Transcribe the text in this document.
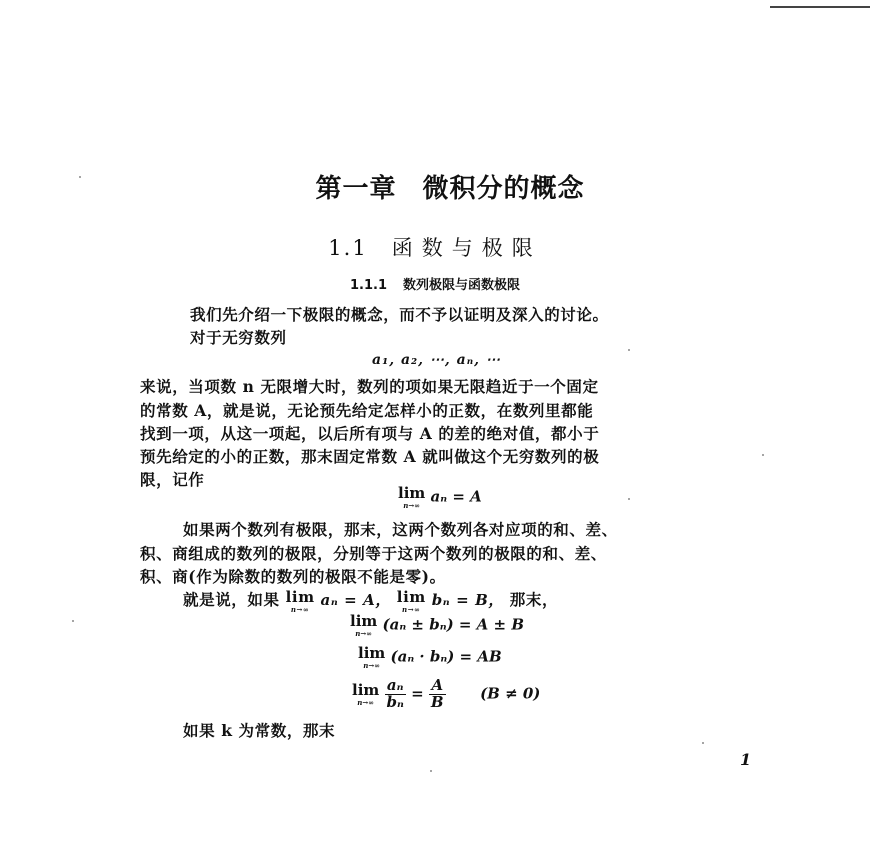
第一章 微积分的概念
1.1 函数与极限
1.1.1 数列极限与函数极限
我们先介绍一下极限的概念，而不予以证明及深入的讨论。
对于无穷数列
a₁, a₂, ⋯, aₙ, ⋯
来说，当项数 n 无限增大时，数列的项如果无限趋近于一个固定
的常数 A，就是说，无论预先给定怎样小的正数，在数列里都能
找到一项，从这一项起，以后所有项与 A 的差的绝对值，都小于
预先给定的小的正数，那末固定常数 A 就叫做这个无穷数列的极
限，记作
lim
n→∞ aₙ = A
如果两个数列有极限，那末，这两个数列各对应项的和、差、
积、商组成的数列的极限，分别等于这两个数列的极限的和、差、
积、商(作为除数的数列的极限不能是零)。
就是说，如果 lim
n→∞ aₙ = A， lim
n→∞ bₙ = B， 那末，
lim
n→∞ (aₙ ± bₙ) = A ± B
lim
n→∞ (aₙ · bₙ) = AB
lim
n→∞
$\frac{\text{aₙ}}{\text{bₙ}} = \frac{A}{B} (B \ne 0)$
如果 k 为常数，那末
1
